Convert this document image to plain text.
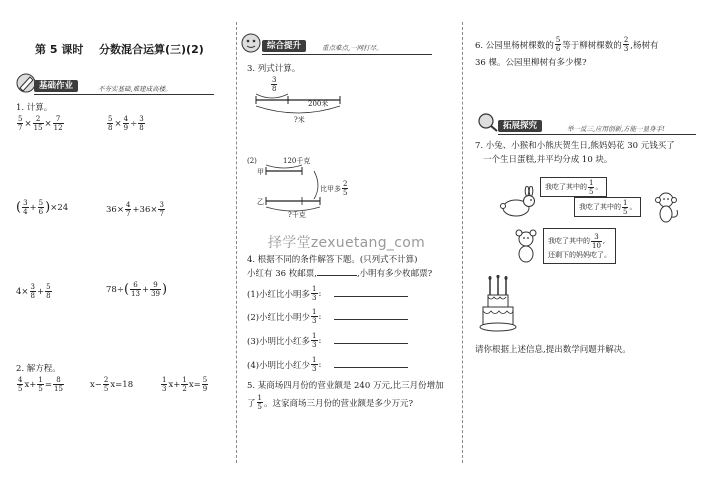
第 5 课时 分数混合运算(三)(2)
基础作业	不夯实基础,难建成高楼。
1. 计算。
$\frac{5}{7} \times \frac{2}{15} \times \frac{7}{12}$	$\frac{5}{8} \times \frac{4}{9} \div \frac{3}{8}$
( $\frac{3}{4} + \frac{5}{6}$ ) ×24	$36\times \frac{4}{7} +36\times \frac{3}{7}$
$4\times \frac{3}{8} + \frac{5}{8}$	78÷ ( $\frac{6}{13} + \frac{9}{39}$ )
2. 解方程。
$\frac{4}{5} x+ \frac{1}{5} = \frac{8}{15}$	$x- \frac{2}{5} x=18$	$\frac{1}{3} x+ \frac{1}{2} x= \frac{5}{9}$
综合提升	重点难点,一网打尽。
3. 列式计算。
$\frac{3}{8}$
200米
?米
(2)	120千克
甲
乙
比甲多 $\frac{2}{5}$
?千克
4. 根据不同的条件解答下题。(只列式不计算)
小红有 36 枚邮票,	,小明有多少枚邮票?
(1)小红比小明多 $\frac{1}{3}$ :
(2)小红比小明少 $\frac{1}{3}$ :
(3)小明比小红多 $\frac{1}{3}$ :
(4)小明比小红少 $\frac{1}{3}$ :
5. 某商场四月份的营业额是 240 万元,比三月份增加
了 $\frac{1}{5}$ 。这家商场三月份的营业额是多少万元?
择学堂zexuetang_com
6. 公园里杨树棵数的 $\frac{5}{6}$ 等于柳树棵数的 $\frac{2}{3}$ ,杨树有
36 棵。公园里柳树有多少棵?
拓展探究	举一反三,应用创新,方能一显身手!
7. 小兔、小猴和小熊庆贺生日,熊妈妈花 30 元钱买了
一个生日蛋糕,并平均分成 10 块。
我吃了其中的 $\frac{1}{5}$ 。
我吃了其中的 $\frac{1}{5}$ 。
我吃了其中的 $\frac{3}{10}$ ,
还剩下的妈妈吃了。
请你根据上述信息,提出数学问题并解决。
